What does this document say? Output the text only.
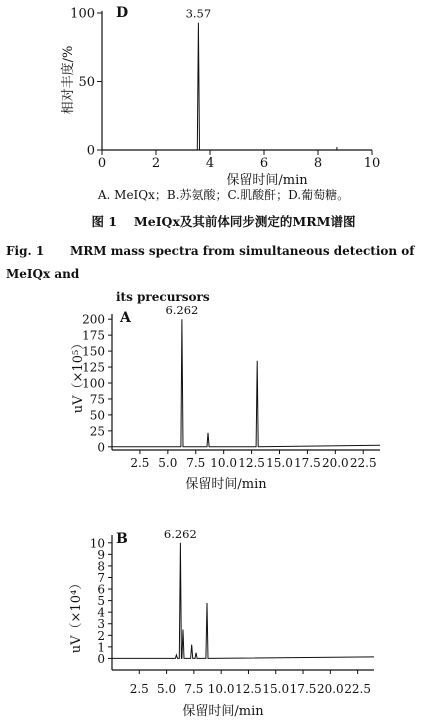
0
50
100
0	2	4	6	8	10
D
保留时间/min
相对丰度/%
3.57
A. MeIQx；B.苏氨酸；C.肌酸酐；D.葡萄糖。
图 1　 MeIQx及其前体同步测定的MRM谱图
Fig. 1 MRM mass spectra from simultaneous detection of MeIQx and
its precursors
0
25
50
75
100
125
150
175
200
2.5 5.0 7.5 10.0 12.5 15.0 17.5 20.0 22.5
A
保留时间/min
uV（×10⁵）
6.262
0
1
2
3
4
5
6
7
8
9
10
2.5 5.0 7.5 10.0 12.5 15.0 17.5 20.0 22.5
B
保留时间/min
uV（×10⁴）
6.262
